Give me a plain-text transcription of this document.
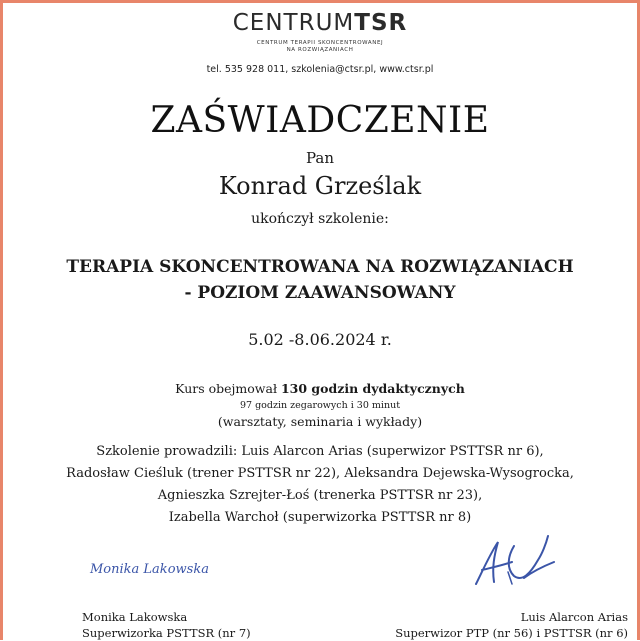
CENTRUMTSR
CENTRUM TERAPII SKONCENTROWANEJ
NA ROZWIĄZANIACH
tel. 535 928 011, szkolenia@ctsr.pl, www.ctsr.pl
ZAŚWIADCZENIE
Pan
Konrad Grześlak
ukończył szkolenie:
TERAPIA SKONCENTROWANA NA ROZWIĄZANIACH
- POZIOM ZAAWANSOWANY
5.02 -8.06.2024 r.
Kurs obejmował 130 godzin dydaktycznych
97 godzin zegarowych i 30 minut
(warsztaty, seminaria i wykłady)
Szkolenie prowadzili: Luis Alarcon Arias (superwizor PSTTSR nr 6),
Radosław Cieśluk (trener PSTTSR nr 22), Aleksandra Dejewska-Wysogrocka,
Agnieszka Szrejter-Łoś (trenerka PSTTSR nr 23),
Izabella Warchoł (superwizorka PSTTSR nr 8)
Monika Lakowska
Monika Lakowska
Superwizorka PSTTSR (nr 7)
Luis Alarcon Arias
Superwizor PTP (nr 56) i PSTTSR (nr 6)
